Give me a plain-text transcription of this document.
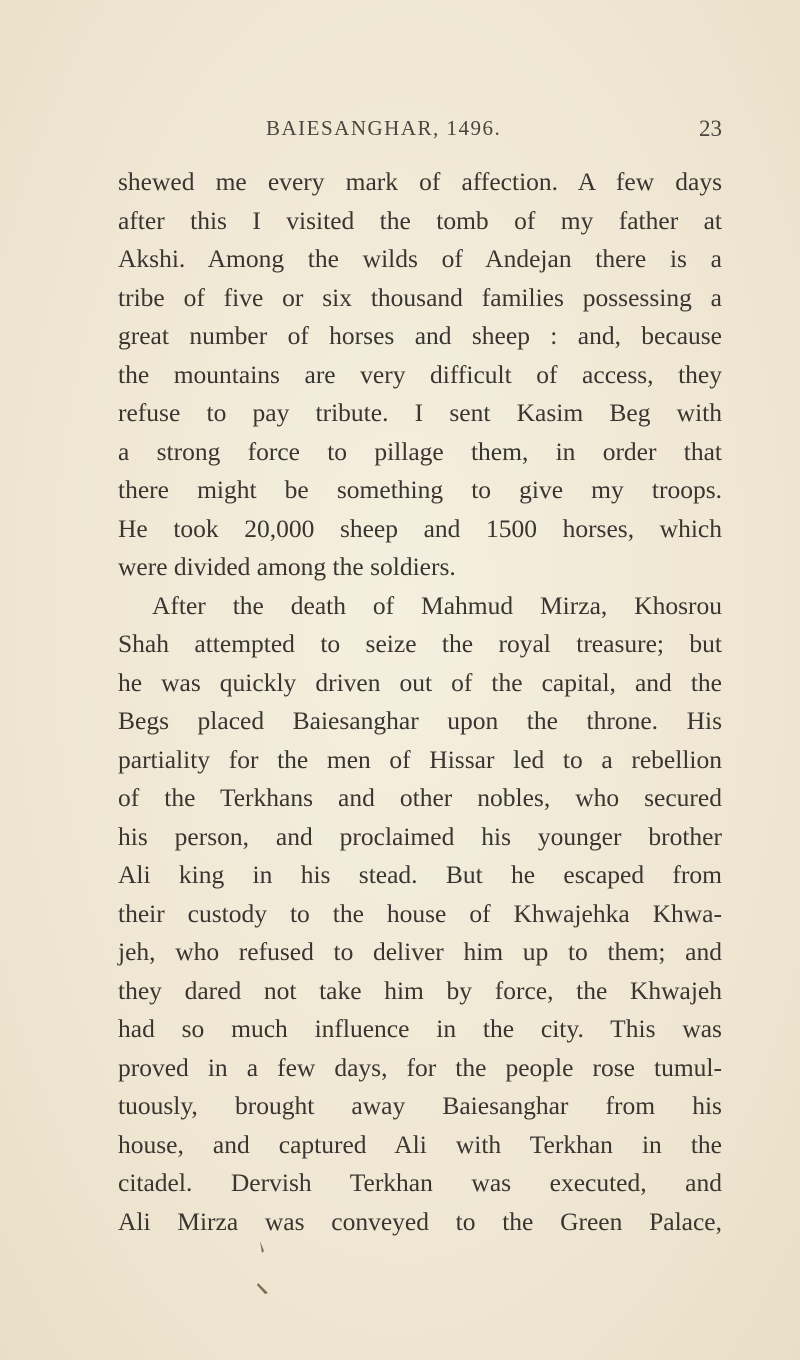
BAIESANGHAR, 1496.	23
shewed me every mark of affection. A few days
after this I visited the tomb of my father at
Akshi. Among the wilds of Andejan there is a
tribe of five or six thousand families possessing a
great number of horses and sheep : and, because
the mountains are very difficult of access, they
refuse to pay tribute. I sent Kasim Beg with
a strong force to pillage them, in order that
there might be something to give my troops.
He took 20,000 sheep and 1500 horses, which
were divided among the soldiers.
After the death of Mahmud Mirza, Khosrou
Shah attempted to seize the royal treasure; but
he was quickly driven out of the capital, and the
Begs placed Baiesanghar upon the throne. His
partiality for the men of Hissar led to a rebellion
of the Terkhans and other nobles, who secured
his person, and proclaimed his younger brother
Ali king in his stead. But he escaped from
their custody to the house of Khwajehka Khwa-
jeh, who refused to deliver him up to them; and
they dared not take him by force, the Khwajeh
had so much influence in the city. This was
proved in a few days, for the people rose tumul-
tuously, brought away Baiesanghar from his
house, and captured Ali with Terkhan in the
citadel. Dervish Terkhan was executed, and
Ali Mirza was conveyed to the Green Palace,
